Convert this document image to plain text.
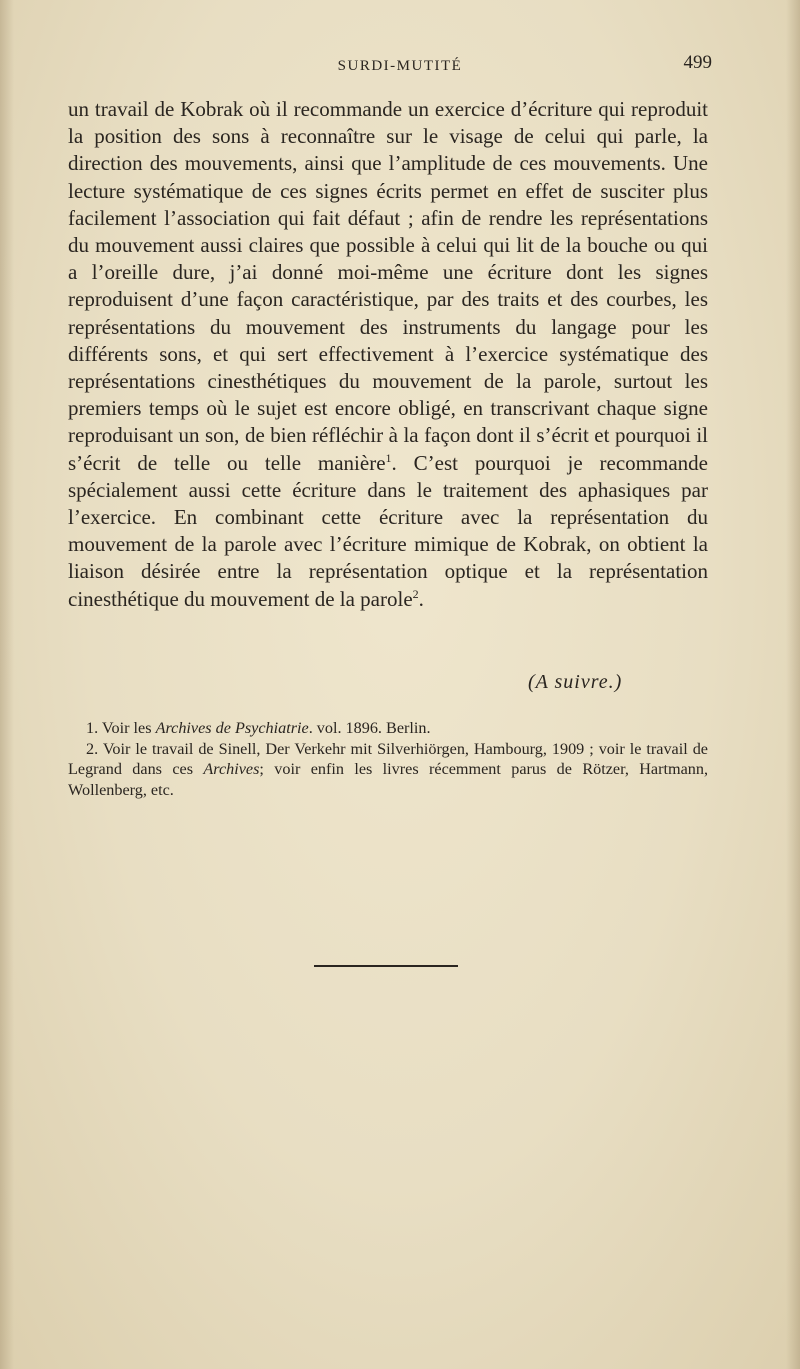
SURDI-MUTITÉ	499

un travail de Kobrak où il recommande un exercice d’écriture qui reproduit la position des sons à reconnaître sur le visage de celui qui parle, la direction des mouvements, ainsi que l’amplitude de ces mouvements. Une lecture systématique de ces signes écrits permet en effet de susciter plus facilement l’association qui fait défaut ; afin de rendre les représentations du mouvement aussi claires que possible à celui qui lit de la bouche ou qui a l’oreille dure, j’ai donné moi-même une écriture dont les signes reproduisent d’une façon caractéristique, par des traits et des courbes, les représentations du mouvement des instruments du langage pour les différents sons, et qui sert effectivement à l’exercice systématique des représentations cinesthétiques du mouvement de la parole, surtout les premiers temps où le sujet est encore obligé, en transcrivant chaque signe reproduisant un son, de bien réfléchir à la façon dont il s’écrit et pourquoi il s’écrit de telle ou telle manière$^1$. C’est pourquoi je recommande spécialement aussi cette écriture dans le traitement des aphasiques par l’exercice. En combinant cette écriture avec la représentation du mouvement de la parole avec l’écriture mimique de Kobrak, on obtient la liaison désirée entre la représentation optique et la représentation cinesthétique du mouvement de la parole$^2$.

(A suivre.)

1. Voir les Archives de Psychiatrie. vol. 1896. Berlin.

2. Voir le travail de Sinell, Der Verkehr mit Silverhiörgen, Hambourg, 1909 ; voir le travail de Legrand dans ces Archives; voir enfin les livres récemment parus de Rötzer, Hartmann, Wollenberg, etc.
